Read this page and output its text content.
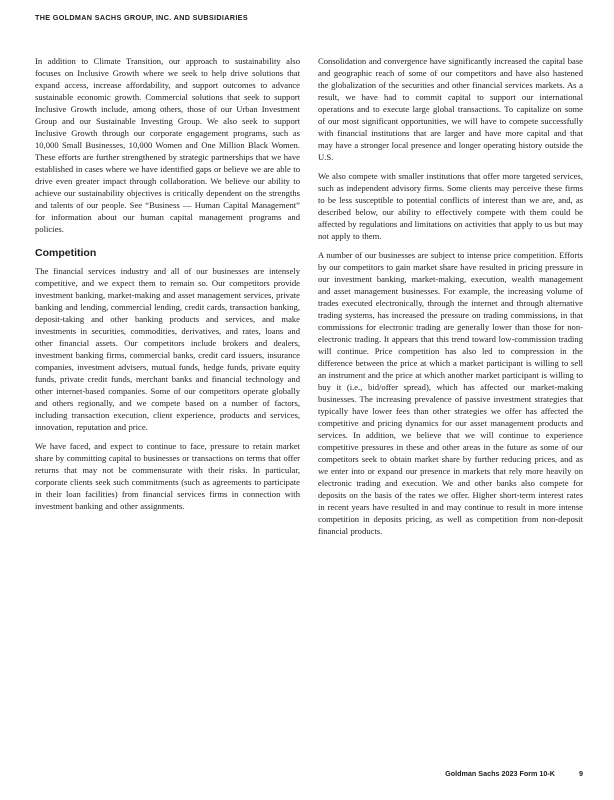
THE GOLDMAN SACHS GROUP, INC. AND SUBSIDIARIES

In addition to Climate Transition, our approach to sustainability also focuses on Inclusive Growth where we seek to help drive solutions that expand access, increase affordability, and support outcomes to advance sustainable economic growth. Commercial solutions that seek to support Inclusive Growth include, among others, those of our Urban Investment Group and our Sustainable Investing Group. We also seek to support Inclusive Growth through our corporate engagement programs, such as 10,000 Small Businesses, 10,000 Women and One Million Black Women. These efforts are further strengthened by strategic partnerships that we have established in cases where we have identified gaps or believe we are able to drive even greater impact through collaboration. We believe our ability to achieve our sustainability objectives is critically dependent on the strengths and talents of our people. See “Business — Human Capital Management” for information about our human capital management programs and policies.

Competition

The financial services industry and all of our businesses are intensely competitive, and we expect them to remain so. Our competitors provide investment banking, market-making and asset management services, private banking and lending, commercial lending, credit cards, transaction banking, deposit-taking and other banking products and services, and make investments in securities, commodities, derivatives, and rates, loans and other financial assets. Our competitors include brokers and dealers, investment banking firms, commercial banks, credit card issuers, insurance companies, investment advisers, mutual funds, hedge funds, private equity funds, private credit funds, merchant banks and financial technology and other internet-based companies. Some of our competitors operate globally and others regionally, and we compete based on a number of factors, including transaction execution, client experience, products and services, innovation, reputation and price.

We have faced, and expect to continue to face, pressure to retain market share by committing capital to businesses or transactions on terms that offer returns that may not be commensurate with their risks. In particular, corporate clients seek such commitments (such as agreements to participate in their loan facilities) from financial services firms in connection with investment banking and other assignments.

Consolidation and convergence have significantly increased the capital base and geographic reach of some of our competitors and have also hastened the globalization of the securities and other financial services markets. As a result, we have had to commit capital to support our international operations and to execute large global transactions. To capitalize on some of our most significant opportunities, we will have to compete successfully with financial institutions that are larger and have more capital and that may have a stronger local presence and longer operating history outside the U.S.

We also compete with smaller institutions that offer more targeted services, such as independent advisory firms. Some clients may perceive these firms to be less susceptible to potential conflicts of interest than we are, and, as described below, our ability to effectively compete with them could be affected by regulations and limitations on activities that apply to us but may not apply to them.

A number of our businesses are subject to intense price competition. Efforts by our competitors to gain market share have resulted in pricing pressure in our investment banking, market-making, execution, wealth management and asset management businesses. For example, the increasing volume of trades executed electronically, through the internet and through alternative trading systems, has increased the pressure on trading commissions, in that commissions for electronic trading are generally lower than those for non-electronic trading. It appears that this trend toward low-commission trading will continue. Price competition has also led to compression in the difference between the price at which a market participant is willing to sell an instrument and the price at which another market participant is willing to buy it (i.e., bid/offer spread), which has affected our market-making businesses. The increasing prevalence of passive investment strategies that typically have lower fees than other strategies we offer has affected the competitive and pricing dynamics for our asset management products and services. In addition, we believe that we will continue to experience competitive pressures in these and other areas in the future as some of our competitors seek to obtain market share by further reducing prices, and as we enter into or expand our presence in markets that rely more heavily on electronic trading and execution. We and other banks also compete for deposits on the basis of the rates we offer. Higher short-term interest rates in recent years have resulted in and may continue to result in more intense competition in deposits pricing, as well as competition from non-deposit financial products.

Goldman Sachs 2023 Form 10-K	9
